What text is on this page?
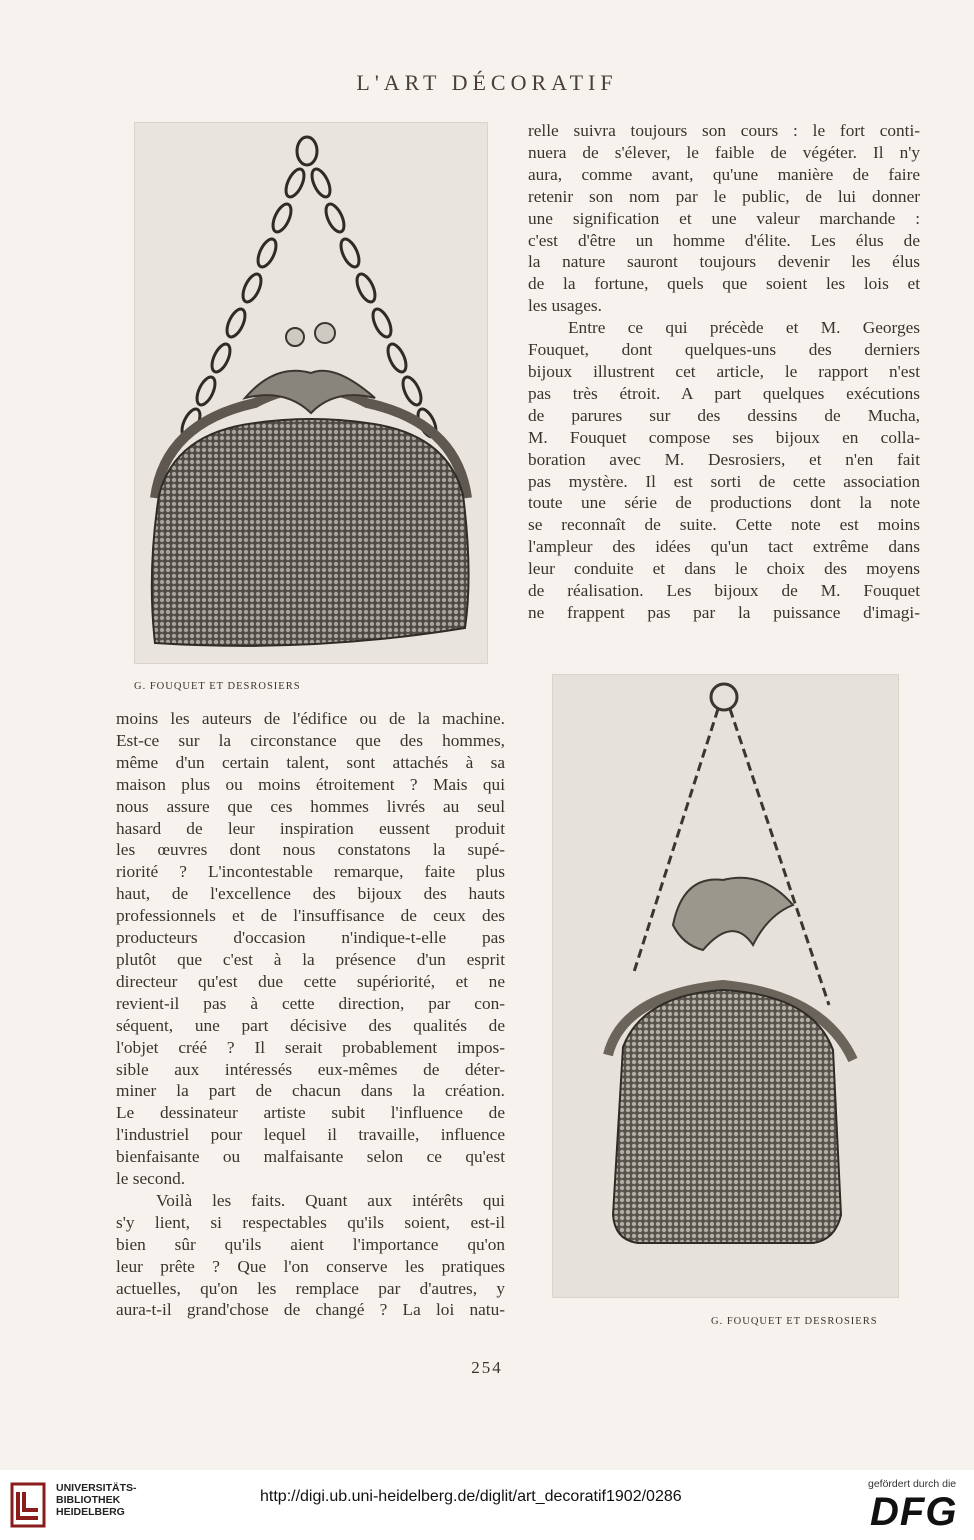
L'ART DÉCORATIF
G. FOUQUET ET DESROSIERS
relle suivra toujours son cours : le fort conti-
nuera de s'élever, le faible de végéter. Il n'y
aura, comme avant, qu'une manière de faire
retenir son nom par le public, de lui donner
une signification et une valeur marchande :
c'est d'être un homme d'élite. Les élus de
la nature sauront toujours devenir les élus
de la fortune, quels que soient les lois et
les usages.
Entre ce qui précède et M. Georges
Fouquet, dont quelques-uns des derniers
bijoux illustrent cet article, le rapport n'est
pas très étroit. A part quelques exécutions
de parures sur des dessins de Mucha,
M. Fouquet compose ses bijoux en colla-
boration avec M. Desrosiers, et n'en fait
pas mystère. Il est sorti de cette association
toute une série de productions dont la note
se reconnaît de suite. Cette note est moins
l'ampleur des idées qu'un tact extrême dans
leur conduite et dans le choix des moyens
de réalisation. Les bijoux de M. Fouquet
ne frappent pas par la puissance d'imagi-
moins les auteurs de l'édifice ou de la machine.
Est-ce sur la circonstance que des hommes,
même d'un certain talent, sont attachés à sa
maison plus ou moins étroitement ? Mais qui
nous assure que ces hommes livrés au seul
hasard de leur inspiration eussent produit
les œuvres dont nous constatons la supé-
riorité ? L'incontestable remarque, faite plus
haut, de l'excellence des bijoux des hauts
professionnels et de l'insuffisance de ceux des
producteurs d'occasion n'indique-t-elle pas
plutôt que c'est à la présence d'un esprit
directeur qu'est due cette supériorité, et ne
revient-il pas à cette direction, par con-
séquent, une part décisive des qualités de
l'objet créé ? Il serait probablement impos-
sible aux intéressés eux-mêmes de déter-
miner la part de chacun dans la création.
Le dessinateur artiste subit l'influence de
l'industriel pour lequel il travaille, influence
bienfaisante ou malfaisante selon ce qu'est
le second.
Voilà les faits. Quant aux intérêts qui
s'y lient, si respectables qu'ils soient, est-il
bien sûr qu'ils aient l'importance qu'on
leur prête ? Que l'on conserve les pratiques
actuelles, qu'on les remplace par d'autres, y
aura-t-il grand'chose de changé ? La loi natu-
G. FOUQUET ET DESROSIERS
254
UNIVERSITÄTS-
BIBLIOTHEK
HEIDELBERG
http://digi.ub.uni-heidelberg.de/diglit/art_decoratif1902/0286
gefördert durch die
DFG
